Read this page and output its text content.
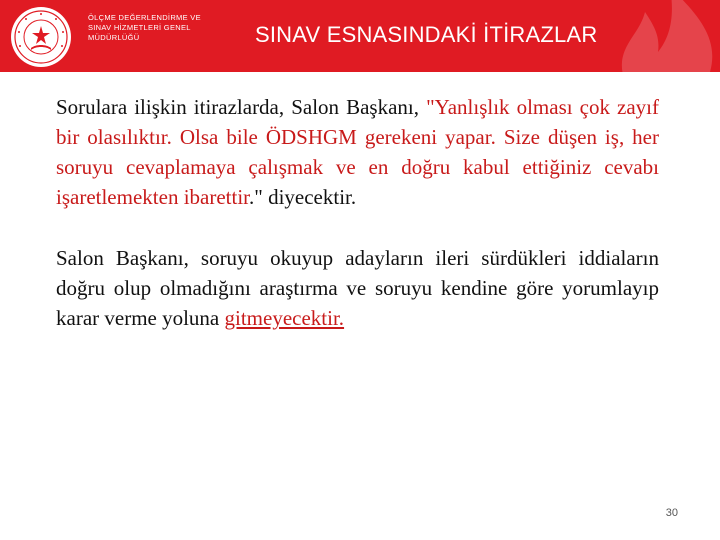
ÖLÇME DEĞERLENDİRME VE
SINAV HİZMETLERİ GENEL
MÜDÜRLÜĞÜ	SINAV ESNASINDAKİ İTİRAZLAR

Sorulara ilişkin itirazlarda, Salon Başkanı, "Yanlışlık olması çok zayıf bir olasılıktır. Olsa bile ÖDSHGM gerekeni yapar. Size düşen iş, her soruyu cevaplamaya çalışmak ve en doğru kabul ettiğiniz cevabı işaretlemekten ibarettir." diyecektir.

Salon Başkanı, soruyu okuyup adayların ileri sürdükleri iddiaların doğru olup olmadığını araştırma ve soruyu kendine göre yorumlayıp karar verme yoluna gitmeyecektir.

30
